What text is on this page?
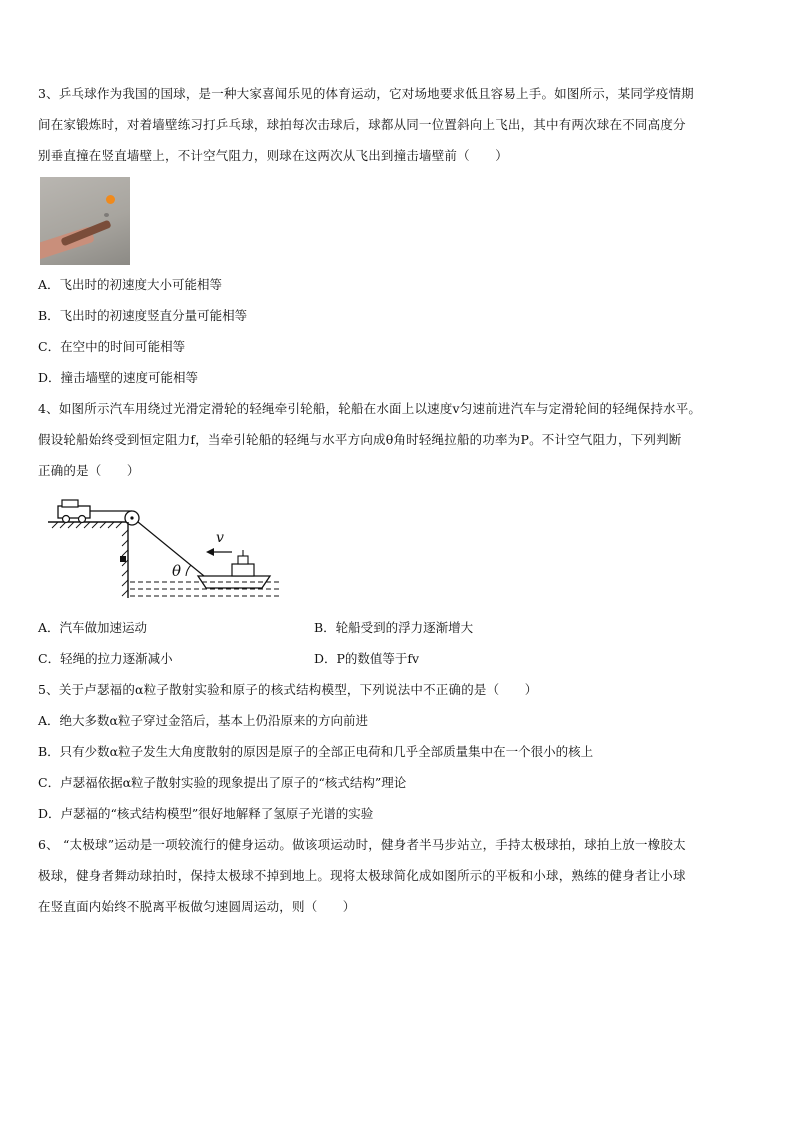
3、乒乓球作为我国的国球，是一种大家喜闻乐见的体育运动，它对场地要求低且容易上手。如图所示，某同学疫情期
间在家锻炼时，对着墙壁练习打乒乓球，球拍每次击球后，球都从同一位置斜向上飞出，其中有两次球在不同高度分
别垂直撞在竖直墙壁上，不计空气阻力，则球在这两次从飞出到撞击墙壁前（　　）
A．飞出时的初速度大小可能相等
B．飞出时的初速度竖直分量可能相等
C．在空中的时间可能相等
D．撞击墙壁的速度可能相等
4、如图所示汽车用绕过光滑定滑轮的轻绳牵引轮船，轮船在水面上以速度v匀速前进汽车与定滑轮间的轻绳保持水平。
假设轮船始终受到恒定阻力f，当牵引轮船的轻绳与水平方向成θ角时轻绳拉船的功率为P。不计空气阻力，下列判断
正确的是（　　）
θ
v
A．汽车做加速运动	B．轮船受到的浮力逐渐增大
C．轻绳的拉力逐渐减小	D．P的数值等于fv
5、关于卢瑟福的α粒子散射实验和原子的核式结构模型，下列说法中不正确的是（　　）
A．绝大多数α粒子穿过金箔后，基本上仍沿原来的方向前进
B．只有少数α粒子发生大角度散射的原因是原子的全部正电荷和几乎全部质量集中在一个很小的核上
C．卢瑟福依据α粒子散射实验的现象提出了原子的“核式结构”理论
D．卢瑟福的“核式结构模型”很好地解释了氢原子光谱的实验
6、 “太极球”运动是一项较流行的健身运动。做该项运动时，健身者半马步站立，手持太极球拍，球拍上放一橡胶太
极球，健身者舞动球拍时，保持太极球不掉到地上。现将太极球简化成如图所示的平板和小球，熟练的健身者让小球
在竖直面内始终不脱离平板做匀速圆周运动，则（　　）
